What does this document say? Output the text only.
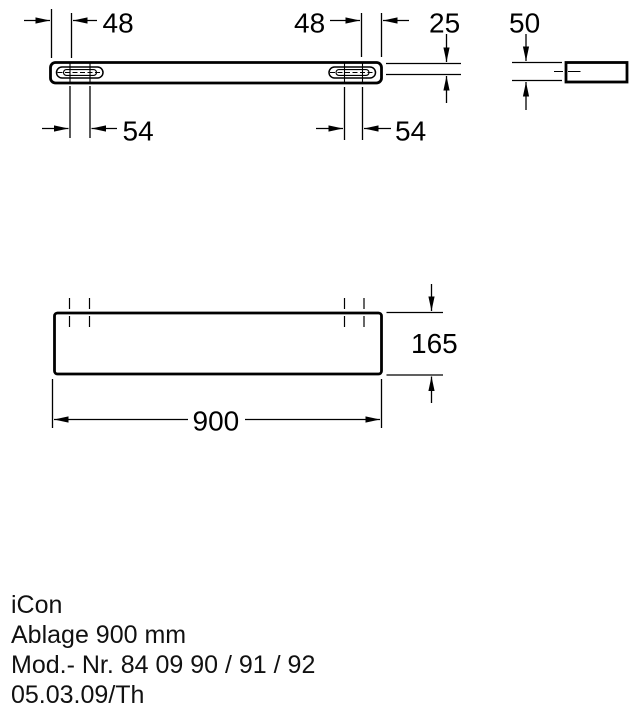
48	48	25 50
54	54
165
900
iCon
Ablage 900 mm
Mod.- Nr. 84 09 90 / 91 / 92
05.03.09/Th
